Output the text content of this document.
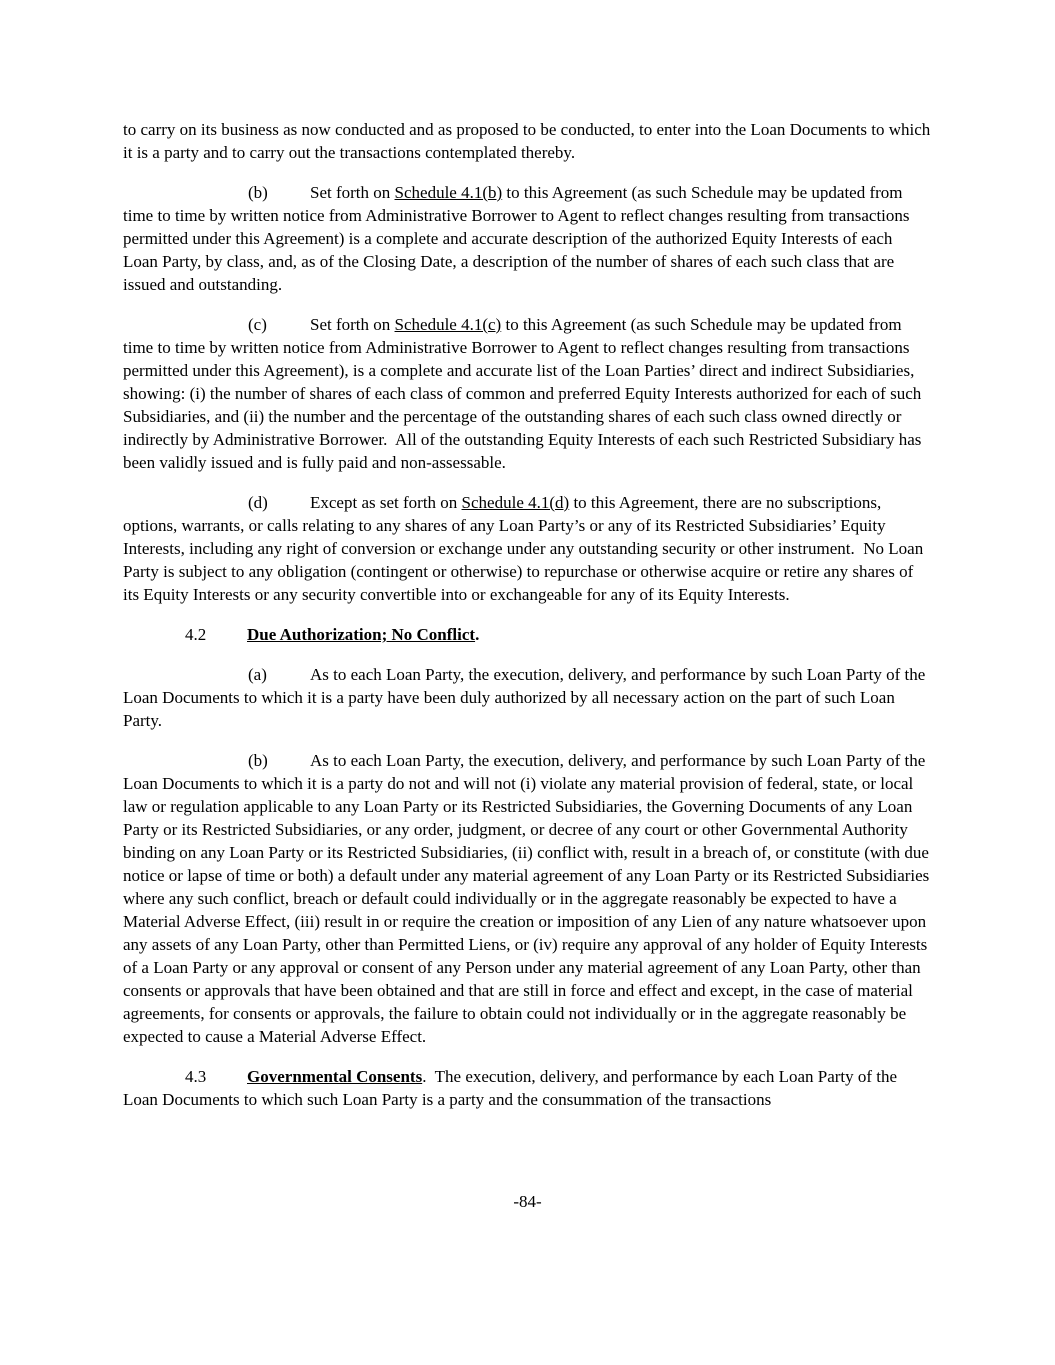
to carry on its business as now conducted and as proposed to be conducted, to enter into the Loan Documents to which it is a party and to carry out the transactions contemplated thereby.

(b) Set forth on Schedule 4.1(b) to this Agreement (as such Schedule may be updated from time to time by written notice from Administrative Borrower to Agent to reflect changes resulting from transactions permitted under this Agreement) is a complete and accurate description of the authorized Equity Interests of each Loan Party, by class, and, as of the Closing Date, a description of the number of shares of each such class that are issued and outstanding.

(c)	Set forth on Schedule 4.1(c) to this Agreement (as such Schedule may be updated from time to time by written notice from Administrative Borrower to Agent to reflect changes resulting from transactions permitted under this Agreement), is a complete and accurate list of the Loan Parties’ direct and indirect Subsidiaries, showing: (i) the number of shares of each class of common and preferred Equity Interests authorized for each of such Subsidiaries, and (ii) the number and the percentage of the outstanding shares of each such class owned directly or indirectly by Administrative Borrower.  All of the outstanding Equity Interests of each such Restricted Subsidiary has been validly issued and is fully paid and non-assessable.

(d) Except as set forth on Schedule 4.1(d) to this Agreement, there are no subscriptions, options, warrants, or calls relating to any shares of any Loan Party’s or any of its Restricted Subsidiaries’ Equity Interests, including any right of conversion or exchange under any outstanding security or other instrument.  No Loan Party is subject to any obligation (contingent or otherwise) to repurchase or otherwise acquire or retire any shares of its Equity Interests or any security convertible into or exchangeable for any of its Equity Interests.

4.2 Due Authorization; No Conflict.

(a)	As to each Loan Party, the execution, delivery, and performance by such Loan Party of the Loan Documents to which it is a party have been duly authorized by all necessary action on the part of such Loan Party.

(b) As to each Loan Party, the execution, delivery, and performance by such Loan Party of the Loan Documents to which it is a party do not and will not (i) violate any material provision of federal, state, or local law or regulation applicable to any Loan Party or its Restricted Subsidiaries, the Governing Documents of any Loan Party or its Restricted Subsidiaries, or any order, judgment, or decree of any court or other Governmental Authority binding on any Loan Party or its Restricted Subsidiaries, (ii) conflict with, result in a breach of, or constitute (with due notice or lapse of time or both) a default under any material agreement of any Loan Party or its Restricted Subsidiaries where any such conflict, breach or default could individually or in the aggregate reasonably be expected to have a Material Adverse Effect, (iii) result in or require the creation or imposition of any Lien of any nature whatsoever upon any assets of any Loan Party, other than Permitted Liens, or (iv) require any approval of any holder of Equity Interests of a Loan Party or any approval or consent of any Person under any material agreement of any Loan Party, other than consents or approvals that have been obtained and that are still in force and effect and except, in the case of material agreements, for consents or approvals, the failure to obtain could not individually or in the aggregate reasonably be expected to cause a Material Adverse Effect.

4.3 Governmental Consents.  The execution, delivery, and performance by each Loan Party of the Loan Documents to which such Loan Party is a party and the consummation of the transactions

-84-
